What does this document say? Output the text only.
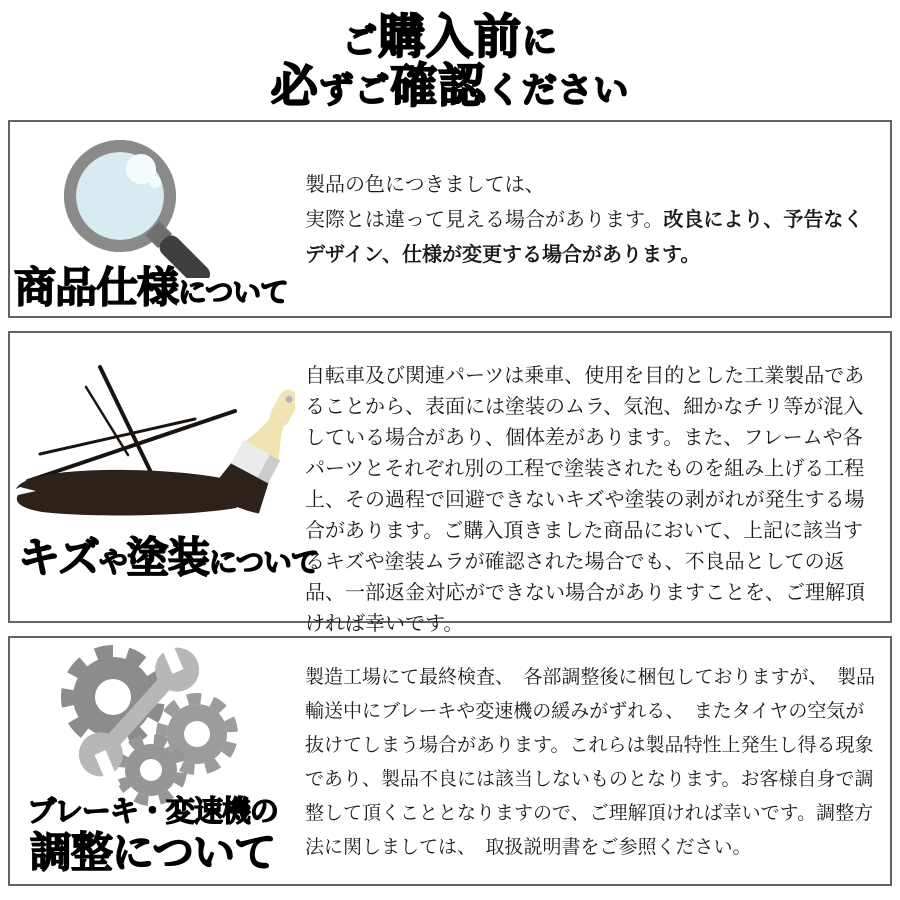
ご購入前に
必ずご確認ください
商品仕様について
製品の色につきましては、
実際とは違って見える場合があります。改良により、予告なく
デザイン、仕様が変更する場合があります。
キズや塗装について
自転車及び関連パーツは乗車、使用を目的とした工業製品であることから、表面には塗装のムラ、気泡、細かなチリ等が混入している場合があり、個体差があります。また、フレームや各パーツとそれぞれ別の工程で塗装されたものを組み上げる工程上、その過程で回避できないキズや塗装の剥がれが発生する場合があります。ご購入頂きました商品において、上記に該当するキズや塗装ムラが確認された場合でも、不良品としての返品、一部返金対応ができない場合がありますことを、ご理解頂ければ幸いです。
ブレーキ・変速機の
調整について
製造工場にて最終検査、　各部調整後に梱包しておりますが、　製品輸送中にブレーキや変速機の緩みがずれる、　またタイヤの空気が抜けてしまう場合があります。これらは製品特性上発生し得る現象であり、製品不良には該当しないものとなります。お客様自身で調整して頂くこととなりますので、ご理解頂ければ幸いです。調整方法に関しましては、　取扱説明書をご参照ください。
